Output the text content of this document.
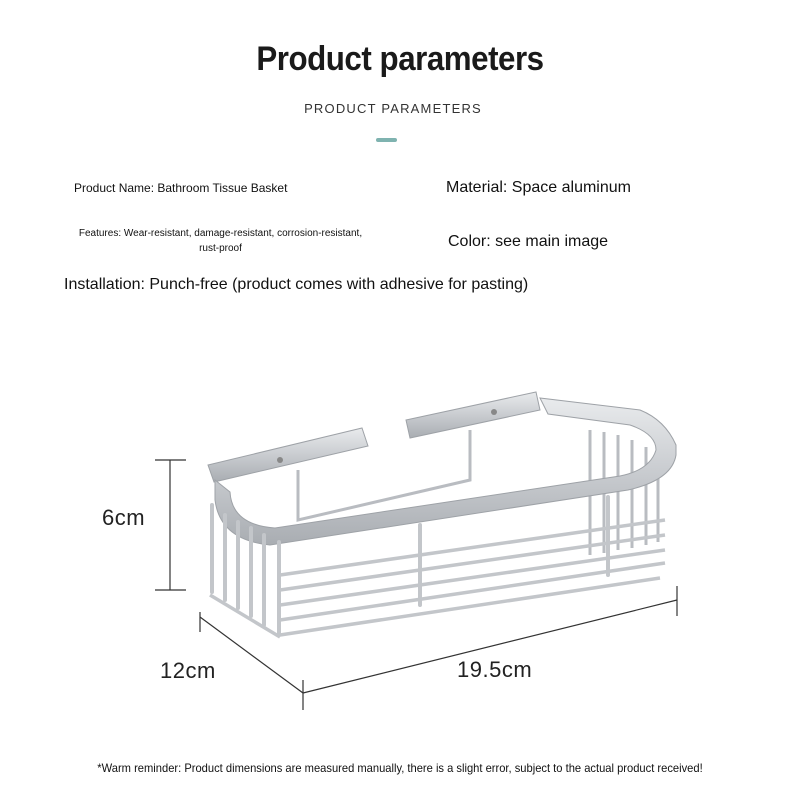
Product parameters
PRODUCT PARAMETERS
Product Name: Bathroom Tissue Basket	Material: Space aluminum
Features: Wear-resistant, damage-resistant, corrosion-resistant, rust-proof	Color: see main image
Installation: Punch-free (product comes with adhesive for pasting)
6cm
12cm	19.5cm
*Warm reminder: Product dimensions are measured manually, there is a slight error, subject to the actual product received!
